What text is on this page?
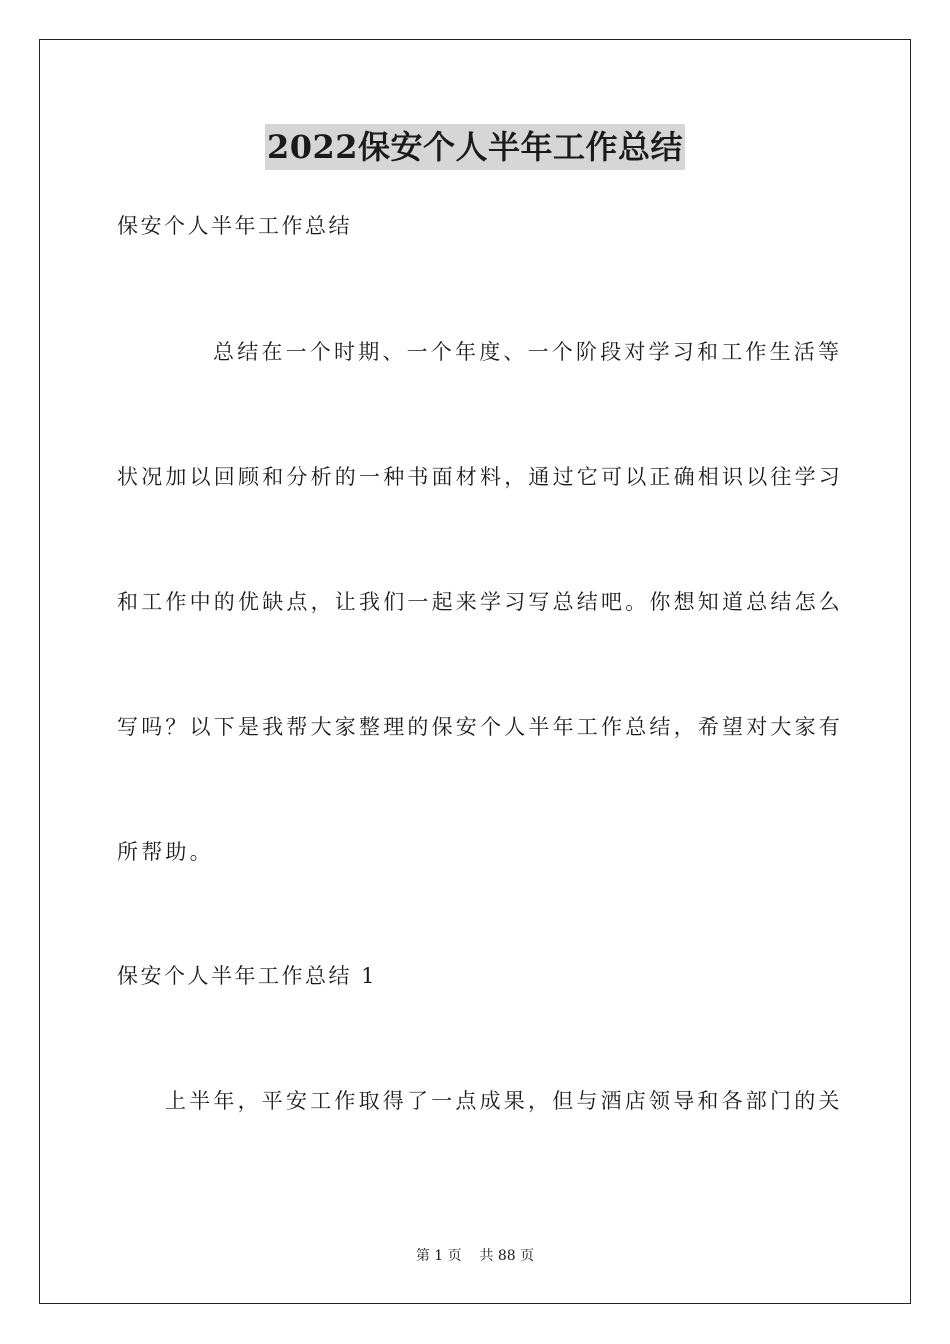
2022保安个人半年工作总结
保安个人半年工作总结
总结在一个时期、一个年度、一个阶段对学习和工作生活等
状况加以回顾和分析的一种书面材料，通过它可以正确相识以往学习
和工作中的优缺点，让我们一起来学习写总结吧。你想知道总结怎么
写吗？以下是我帮大家整理的保安个人半年工作总结，希望对大家有
所帮助。
保安个人半年工作总结 1
上半年，平安工作取得了一点成果，但与酒店领导和各部门的关
第 1 页 共 88 页
